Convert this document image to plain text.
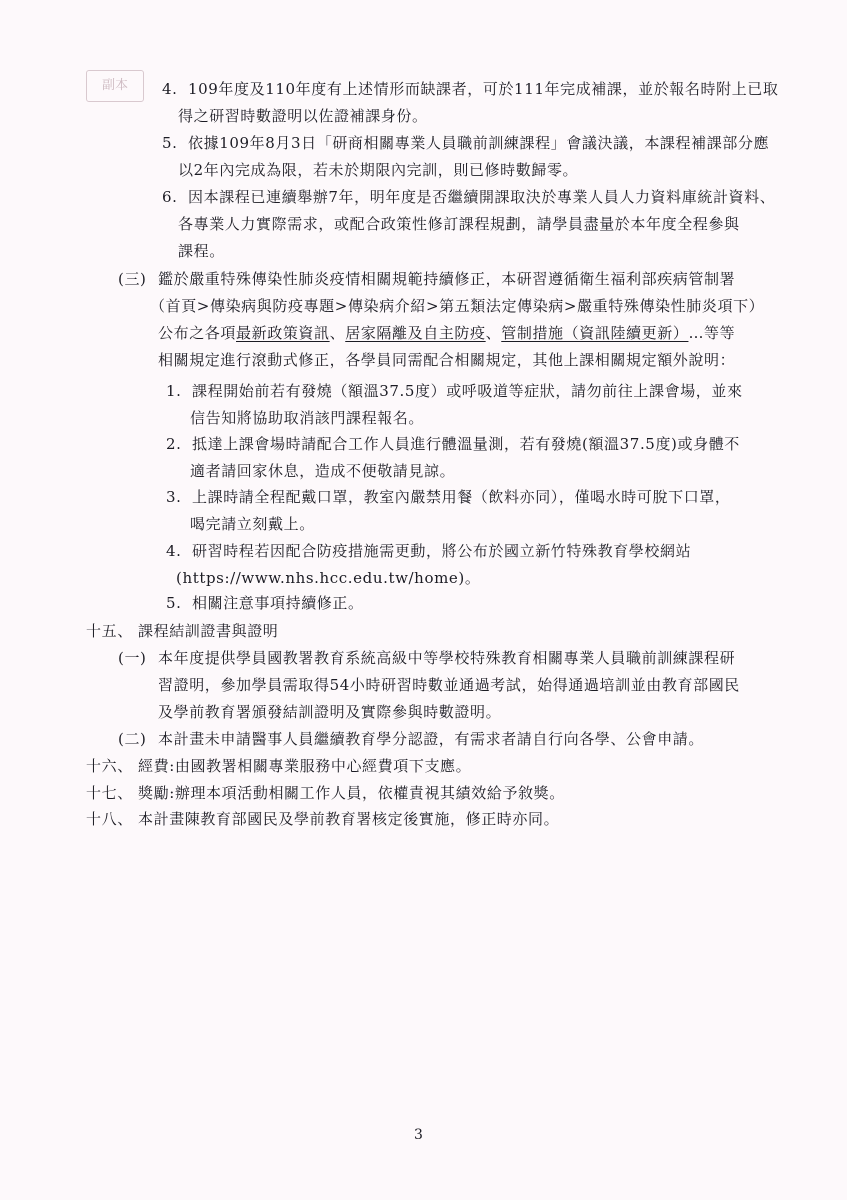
副本	4. 109年度及110年度有上述情形而缺課者，可於111年完成補課，並於報名時附上已取
得之研習時數證明以佐證補課身份。
5. 依據109年8月3日「研商相關專業人員職前訓練課程」會議決議，本課程補課部分應
以2年內完成為限，若未於期限內完訓，則已修時數歸零。
6. 因本課程已連續舉辦7年，明年度是否繼續開課取決於專業人員人力資料庫統計資料、
各專業人力實際需求，或配合政策性修訂課程規劃，請學員盡量於本年度全程參與
課程。
(三) 鑑於嚴重特殊傳染性肺炎疫情相關規範持續修正，本研習遵循衛生福利部疾病管制署
（首頁>傳染病與防疫專題>傳染病介紹>第五類法定傳染病>嚴重特殊傳染性肺炎項下）
公布之各項最新政策資訊、居家隔離及自主防疫、管制措施（資訊陸續更新）…等等
相關規定進行滾動式修正，各學員同需配合相關規定，其他上課相關規定額外說明：
1. 課程開始前若有發燒（額溫37.5度）或呼吸道等症狀，請勿前往上課會場，並來
信告知將協助取消該門課程報名。
2. 抵達上課會場時請配合工作人員進行體溫量測，若有發燒(額溫37.5度)或身體不
適者請回家休息，造成不便敬請見諒。
3. 上課時請全程配戴口罩，教室內嚴禁用餐（飲料亦同），僅喝水時可脫下口罩，
喝完請立刻戴上。
4. 研習時程若因配合防疫措施需更動，將公布於國立新竹特殊教育學校網站
(https://www.nhs.hcc.edu.tw/home)。
5. 相關注意事項持續修正。
十五、 課程結訓證書與證明
(一) 本年度提供學員國教署教育系統高級中等學校特殊教育相關專業人員職前訓練課程研
習證明，參加學員需取得54小時研習時數並通過考試，始得通過培訓並由教育部國民
及學前教育署頒發結訓證明及實際參與時數證明。
(二) 本計畫未申請醫事人員繼續教育學分認證，有需求者請自行向各學、公會申請。
十六、 經費:由國教署相關專業服務中心經費項下支應。
十七、 獎勵:辦理本項活動相關工作人員，依權責視其績效給予敘獎。
十八、 本計畫陳教育部國民及學前教育署核定後實施，修正時亦同。
3
